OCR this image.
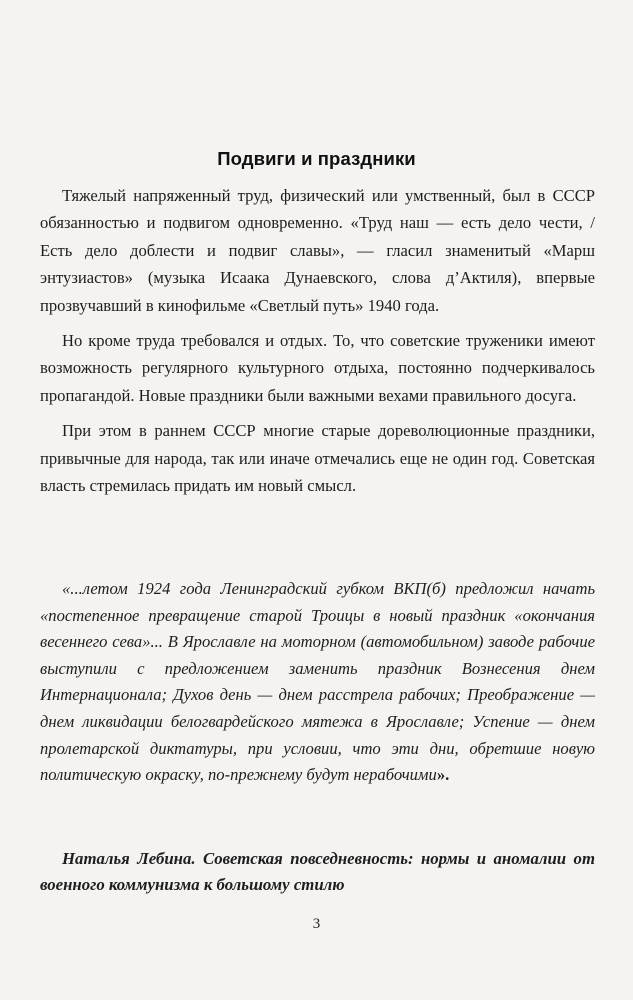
Подвиги и праздники

Тяжелый напряженный труд, физический или умственный, был в СССР обязанностью и подвигом одновременно. «Труд наш — есть дело чести, / Есть дело доблести и подвиг славы», — гласил знаменитый «Марш энтузиастов» (музыка Исаака Дунаевского, слова д’Актиля), впервые прозвучавший в кинофильме «Светлый путь» 1940 года.

Но кроме труда требовался и отдых. То, что советские труженики имеют возможность регулярного культурного отдыха, постоянно подчеркивалось пропагандой. Новые праздники были важными вехами правильного досуга.

При этом в раннем СССР многие старые дореволюционные праздники, привычные для народа, так или иначе отмечались еще не один год. Советская власть стремилась придать им новый смысл.

«...летом 1924 года Ленинградский губком ВКП(б) предложил начать «постепенное превращение старой Троицы в новый праздник «окончания весеннего сева»... В Ярославле на моторном (автомобильном) заводе рабочие выступили с предложением заменить праздник Вознесения днем Интернационала; Духов день — днем расстрела рабочих; Преображение — днем ликвидации белогвардейского мятежа в Ярославле; Успение — днем пролетарской диктатуры, при условии, что эти дни, обретшие новую политическую окраску, по-прежнему будут нерабочими».

Наталья Лебина. Советская повседневность: нормы и аномалии от военного коммунизма к большому стилю

3
